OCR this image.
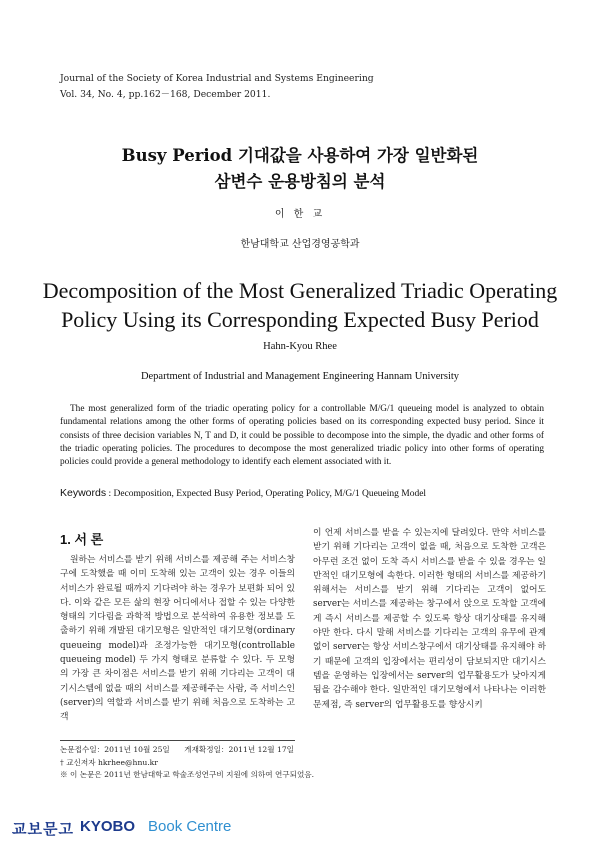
Journal of the Society of Korea Industrial and Systems Engineering
Vol. 34, No. 4, pp.162－168, December 2011.
Busy Period 기대값을 사용하여 가장 일반화된
삼변수 운용방침의 분석
이 한 교
한남대학교 산업경영공학과
Decomposition of the Most Generalized Triadic Operating
Policy Using its Corresponding Expected Busy Period
Hahn-Kyou Rhee
Department of Industrial and Management Engineering Hannam University
The most generalized form of the triadic operating policy for a controllable M/G/1 queueing model is analyzed to obtain fundamental relations among the other forms of operating policies based on its corresponding expected busy period. Since it consists of three decision variables N, T and D, it could be possible to decompose into the simple, the dyadic and other forms of the triadic operating policies. The procedures to decompose the most generalized triadic policy into other forms of operating policies could provide a general methodology to identify each element associated with it.
Keywords : Decomposition, Expected Busy Period, Operating Policy, M/G/1 Queueing Model
1. 서 론
원하는 서비스를 받기 위해 서비스를 제공해 주는 서비스창구에 도착했을 때 이미 도착해 있는 고객이 있는 경우 이들의 서비스가 완료될 때까지 기다려야 하는 경우가 보편화 되어 있다. 이와 같은 모든 삶의 현장 어디에서나 접할 수 있는 다양한 형태의 기다림을 과학적 방법으로 분석하여 유용한 정보를 도출하기 위해 개발된 대기모형은 일반적인 대기모형(ordinary queueing model)과 조정가능한 대기모형(controllable queueing model) 두 가지 형태로 분류할 수 있다. 두 모형의 가장 큰 차이점은 서비스를 받기 위해 기다리는 고객이 대기시스템에 없을 때의 서비스를 제공해주는 사람, 즉 서비스인(server)의 역할과 서비스를 받기 위해 처음으로 도착하는 고객
이 언제 서비스를 받을 수 있는지에 달려있다. 만약 서비스를 받기 위해 기다리는 고객이 없을 때, 처음으로 도착한 고객은 아무런 조건 없이 도착 즉시 서비스를 받을 수 있을 경우는 일반적인 대기모형에 속한다. 이러한 형태의 서비스를 제공하기 위해서는 서비스를 받기 위해 기다리는 고객이 없어도 server는 서비스를 제공하는 창구에서 앉으로 도착할 고객에게 즉시 서비스를 제공할 수 있도록 항상 대기상태를 유지해야만 한다. 다시 말해 서비스를 기다리는 고객의 유무에 관계없이 server는 항상 서비스창구에서 대기상태를 유지해야 하기 때문에 고객의 입장에서는 편리성이 담보되지만 대기시스템을 운영하는 입장에서는 server의 업무활용도가 낮아지게 됨을 감수해야 한다. 일반적인 대기모형에서 나타나는 이러한 문제점, 즉 server의 업무활용도를 향상시키
논문접수일：2011년 10월 25일 게재확정일：2011년 12월 17일
† 교신저자 hkrhee@hnu.kr
※ 이 논문은 2011년 한남대학교 학술조성연구비 지원에 의하여 연구되었음.
교보문고 KYOBO Book Centre
